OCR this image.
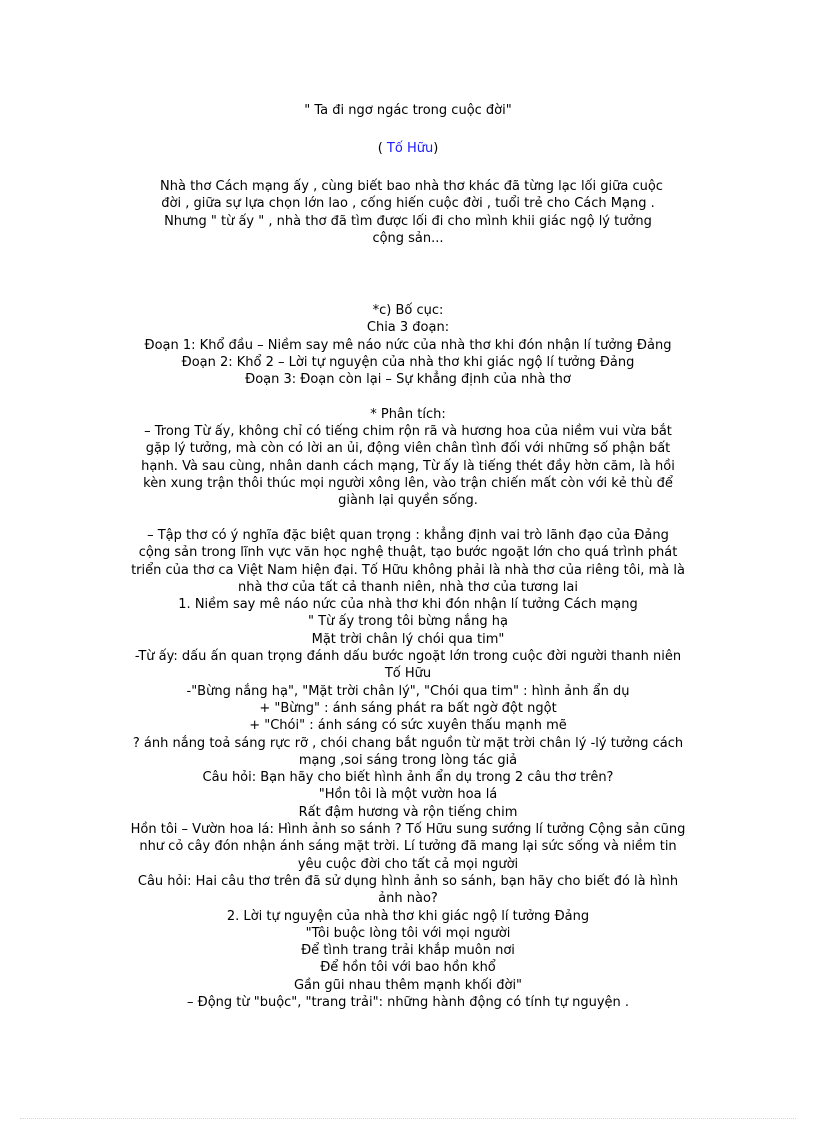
" Ta đi ngơ ngác trong cuộc đời"
( Tố Hữu)
Nhà thơ Cách mạng ấy , cùng biết bao nhà thơ khác đã từng lạc lối giữa cuộc
đời , giữa sự lựa chọn lớn lao , cống hiến cuộc đời , tuổi trẻ cho Cách Mạng .
Nhưng " từ ấy " , nhà thơ đã tìm được lối đi cho mình khii giác ngộ lý tưởng
cộng sản...
*c) Bố cục:
Chia 3 đoạn:
Đoạn 1: Khổ đầu – Niềm say mê náo nức của nhà thơ khi đón nhận lí tưởng Đảng
Đoạn 2: Khổ 2 – Lời tự nguyện của nhà thơ khi giác ngộ lí tưởng Đảng
Đoạn 3: Đoạn còn lại – Sự khẳng định của nhà thơ
* Phân tích:
– Trong Từ ấy, không chỉ có tiếng chim rộn rã và hương hoa của niềm vui vừa bắt
gặp lý tưởng, mà còn có lời an ủi, động viên chân tình đối với những số phận bất
hạnh. Và sau cùng, nhân danh cách mạng, Từ ấy là tiếng thét đầy hờn căm, là hồi
kèn xung trận thôi thúc mọi người xông lên, vào trận chiến mất còn với kẻ thù để
giành lại quyền sống.
– Tập thơ có ý nghĩa đặc biệt quan trọng : khẳng định vai trò lãnh đạo của Đảng
cộng sản trong lĩnh vực văn học nghệ thuật, tạo bước ngoặt lớn cho quá trình phát
triển của thơ ca Việt Nam hiện đại. Tố Hữu không phải là nhà thơ của riêng tôi, mà là
nhà thơ của tất cả thanh niên, nhà thơ của tương lai
1. Niềm say mê náo nức của nhà thơ khi đón nhận lí tưởng Cách mạng
" Từ ấy trong tôi bừng nắng hạ
Mặt trời chân lý chói qua tim"
-Từ ấy: dấu ấn quan trọng đánh dấu bước ngoặt lớn trong cuộc đời người thanh niên
Tố Hữu
-"Bừng nắng hạ", "Mặt trời chân lý", "Chói qua tim" : hình ảnh ẩn dụ
+ "Bừng" : ánh sáng phát ra bất ngờ đột ngột
+ "Chói" : ánh sáng có sức xuyên thấu mạnh mẽ
? ánh nắng toả sáng rực rỡ , chói chang bắt nguồn từ mặt trời chân lý -lý tưởng cách
mạng ,soi sáng trong lòng tác giả
Câu hỏi: Bạn hãy cho biết hình ảnh ẩn dụ trong 2 câu thơ trên?
"Hồn tôi là một vườn hoa lá
Rất đậm hương và rộn tiếng chim
Hồn tôi – Vườn hoa lá: Hình ảnh so sánh ? Tố Hữu sung sướng lí tưởng Cộng sản cũng
như cỏ cây đón nhận ánh sáng mặt trời. Lí tưởng đã mang lại sức sống và niềm tin
yêu cuộc đời cho tất cả mọi người
Câu hỏi: Hai câu thơ trên đã sử dụng hình ảnh so sánh, bạn hãy cho biết đó là hình
ảnh nào?
2. Lời tự nguyện của nhà thơ khi giác ngộ lí tưởng Đảng
"Tôi buộc lòng tôi với mọi người
Để tình trang trải khắp muôn nơi
Để hồn tôi với bao hồn khổ
Gần gũi nhau thêm mạnh khối đời"
– Động từ "buộc", "trang trải": những hành động có tính tự nguyện .
